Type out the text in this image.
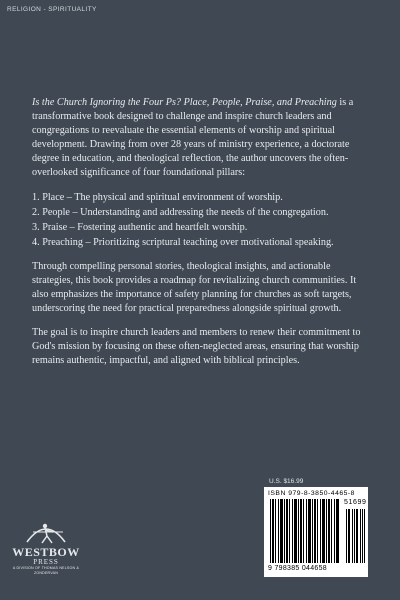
RELIGION - SPIRITUALITY

Is the Church Ignoring the Four Ps? Place, People, Praise, and Preaching is a transformative book designed to challenge and inspire church leaders and congregations to reevaluate the essential elements of worship and spiritual development. Drawing from over 28 years of ministry experience, a doctorate degree in education, and theological reflection, the author uncovers the often-overlooked significance of four foundational pillars:

1. Place – The physical and spiritual environment of worship.
2. People – Understanding and addressing the needs of the congregation.
3. Praise – Fostering authentic and heartfelt worship.
4. Preaching – Prioritizing scriptural teaching over motivational speaking.

Through compelling personal stories, theological insights, and actionable strategies, this book provides a roadmap for revitalizing church communities. It also emphasizes the importance of safety planning for churches as soft targets, underscoring the need for practical preparedness alongside spiritual growth.

The goal is to inspire church leaders and members to renew their commitment to God's mission by focusing on these often-neglected areas, ensuring that worship remains authentic, impactful, and aligned with biblical principles.

U.S. $16.99
ISBN 979-8-3850-4465-8
51699
9 798385 044658
WESTBOW
PRESS
A DIVISION OF THOMAS NELSON & ZONDERVAN
